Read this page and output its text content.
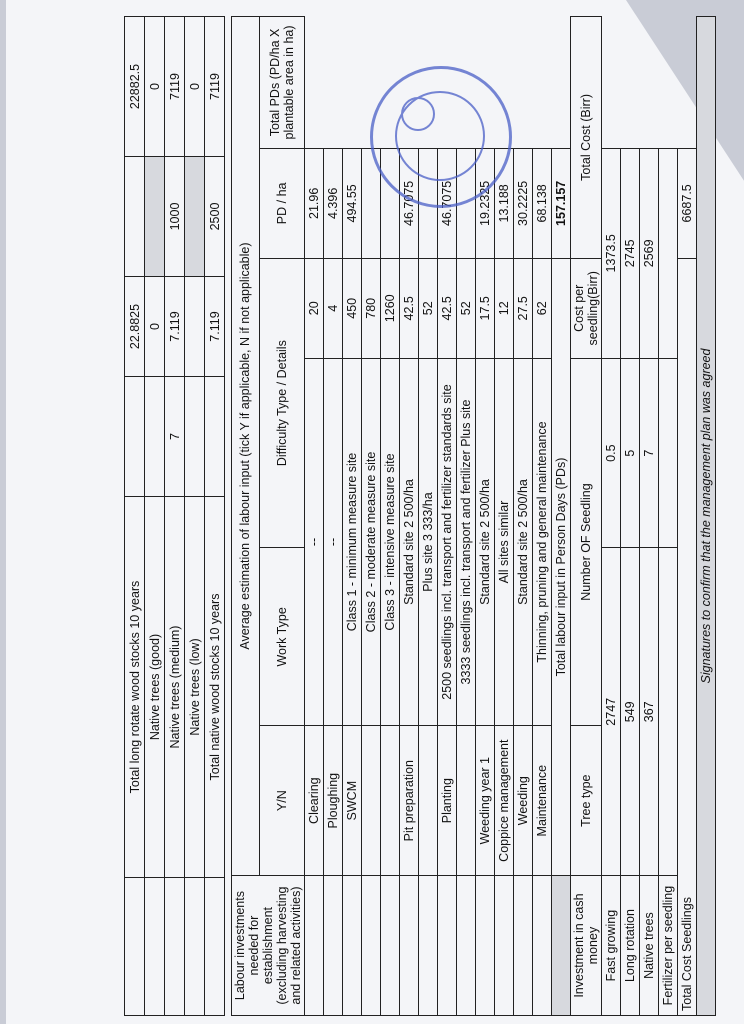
	Total long rotate wood stocks 10 years		22.8825		22882.5
	Native trees (good)		0		0
	Native trees (medium)	7	7.119	1000	7119
	Native trees (low)				0
	Total native wood stocks 10 years		7.119	2500	7119
Labour investments needed for establishment (excluding harvesting and related activities)	Average estimation of labour input (tick Y if applicable, N if not applicable)					
	Y/N	Work Type	Difficulty Type / Details		PD / ha	Total PDs (PD/ha X plantable area in ha)
	Clearing	--		20	21.96	
	Ploughing	--		4	4.396	
	SWCM	Class 1 - minimum measure site		450	494.55	
		Class 2 - moderate measure site		780		
		Class 3 - intensive measure site		1260		
	Pit preparation	Standard site 2 500/ha		42.5	46.7075	
		Plus site 3 333/ha		52		
	Planting	2500 seedlings incl. transport and fertilizer standards site		42.5	46.7075	
		3333 seedlings incl. transport and fertilizer Plus site		52		
	Weeding year 1	Standard site 2 500/ha		17.5	19.2325	
	Coppice management	All sites similar		12	13.188	
	Weeding	Standard site 2 500/ha		27.5	30.2225	
	Maintenance	Thinning, pruning and general maintenance		62	68.138	
	Total labour input in Person Days (PDs)				157.157	
Investment in cash money	Tree type	Number OF Seedling		Cost per seedling(Birr)	Total Cost (Birr)	
Fast growing	2747		0.5	1373.5		
Long rotation	549		5	2745		
Native trees	367		7	2569		
Fertilizer per seedling						
Total Cost Seedlings					6687.5	
Signatures to confirm that the management plan was agreed						
